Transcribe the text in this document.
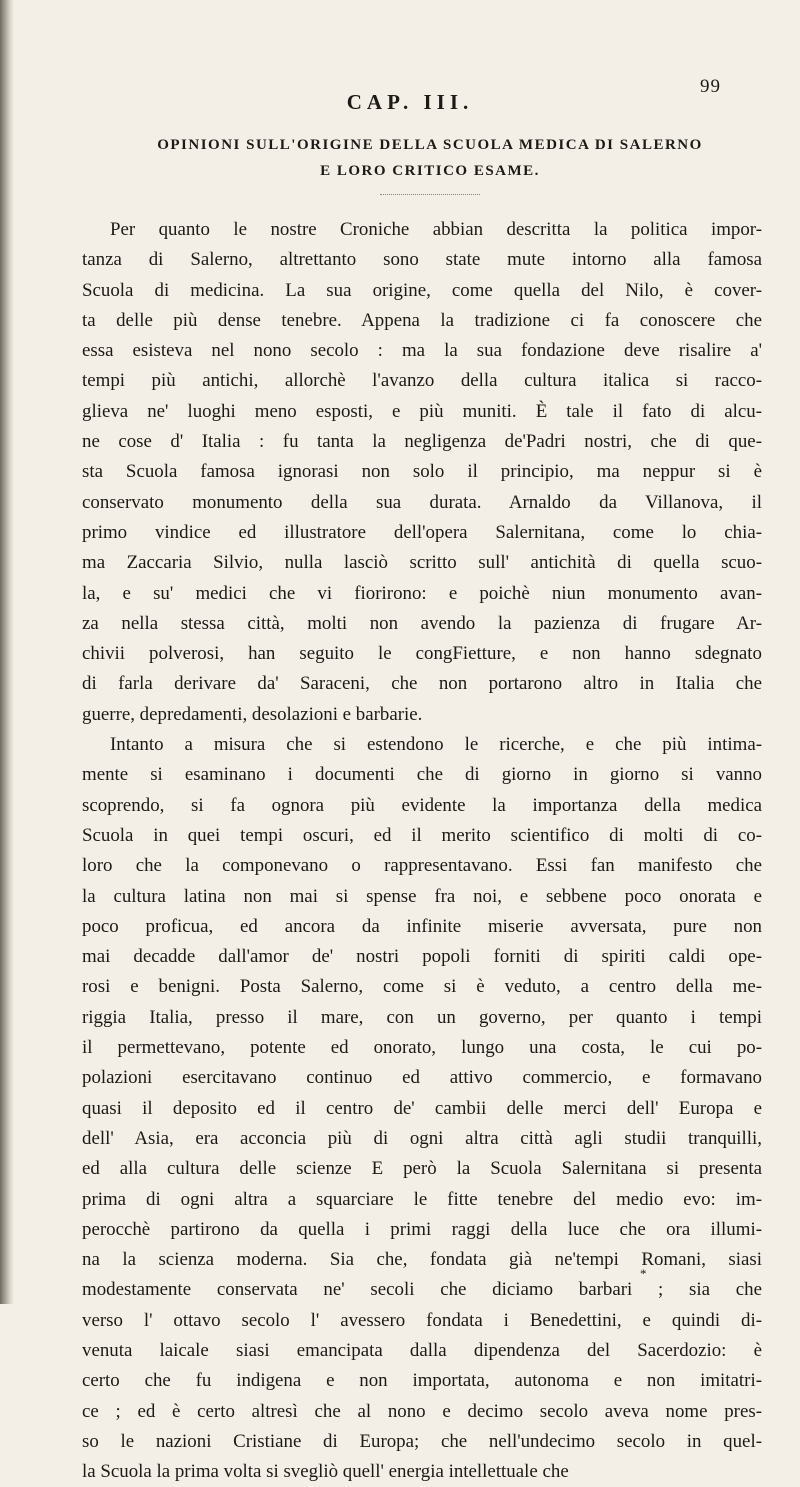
99

CAP. III.
OPINIONI SULL'ORIGINE DELLA SCUOLA MEDICA DI SALERNO
E LORO CRITICO ESAME.

Per quanto le nostre Croniche abbian descritta la politica impor-
tanza di Salerno, altrettanto sono state mute intorno alla famosa
Scuola di medicina. La sua origine, come quella del Nilo, è cover-
ta delle più dense tenebre. Appena la tradizione ci fa conoscere che
essa esisteva nel nono secolo : ma la sua fondazione deve risalire a'
tempi più antichi, allorchè l'avanzo della cultura italica si racco-
glieva ne' luoghi meno esposti, e più muniti. È tale il fato di alcu-
ne cose d' Italia : fu tanta la negligenza de'Padri nostri, che di que-
sta Scuola famosa ignorasi non solo il principio, ma neppur si è
conservato monumento della sua durata. Arnaldo da Villanova, il
primo vindice ed illustratore dell'opera Salernitana, come lo chia-
ma Zaccaria Silvio, nulla lasciò scritto sull' antichità di quella scuo-
la, e su' medici che vi fiorirono: e poichè niun monumento avan-
za nella stessa città, molti non avendo la pazienza di frugare Ar-
chivii polverosi, han seguito le congFietture, e non hanno sdegnato
di farla derivare da' Saraceni, che non portarono altro in Italia che
guerre, depredamenti, desolazioni e barbarie.

Intanto a misura che si estendono le ricerche, e che più intima-
mente si esaminano i documenti che di giorno in giorno si vanno
scoprendo, si fa ognora più evidente la importanza della medica
Scuola in quei tempi oscuri, ed il merito scientifico di molti di co-
loro che la componevano o rappresentavano. Essi fan manifesto che
la cultura latina non mai si spense fra noi, e sebbene poco onorata e
poco proficua, ed ancora da infinite miserie avversata, pure non
mai decadde dall'amor de' nostri popoli forniti di spiriti caldi ope-
rosi e benigni. Posta Salerno, come si è veduto, a centro della me-
riggia Italia, presso il mare, con un governo, per quanto i tempi
il permettevano, potente ed onorato, lungo una costa, le cui po-
polazioni esercitavano continuo ed attivo commercio, e formavano
quasi il deposito ed il centro de' cambii delle merci dell' Europa e
dell' Asia, era acconcia più di ogni altra città agli studii tranquilli,
ed alla cultura delle scienze E però la Scuola Salernitana si presenta
prima di ogni altra a squarciare le fitte tenebre del medio evo: im-
perocchè partirono da quella i primi raggi della luce che ora illumi-
na la scienza moderna. Sia che, fondata già ne'tempi Romani, siasi
modestamente conservata ne' secoli che diciamo barbari ; sia che
verso l' ottavo secolo l' avessero fondata i Benedettini, e quindi di-
venuta laicale siasi emancipata dalla dipendenza del Sacerdozio: è
certo che fu indigena e non importata, autonoma e non imitatri-
ce ; ed è certo altresì che al nono e decimo secolo aveva nome pres-
so le nazioni Cristiane di Europa; che nell'undecimo secolo in quel-
la Scuola la prima volta si svegliò quell' energia intellettuale che

*
